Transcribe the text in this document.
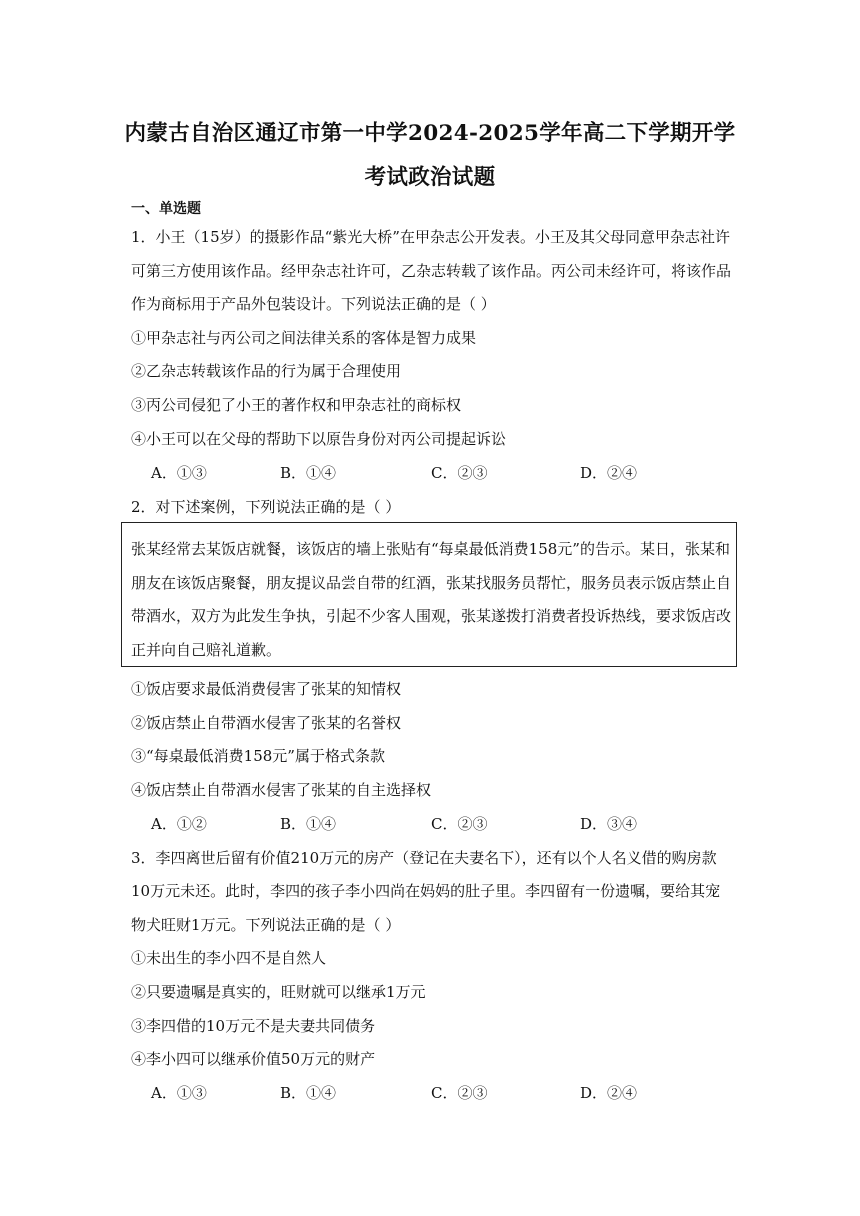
内蒙古自治区通辽市第一中学2024-2025学年高二下学期开学
考试政治试题
一、单选题
1．小王（15岁）的摄影作品“紫光大桥”在甲杂志公开发表。小王及其父母同意甲杂志社许
可第三方使用该作品。经甲杂志社许可，乙杂志转载了该作品。丙公司未经许可，将该作品
作为商标用于产品外包装设计。下列说法正确的是（ ）
①甲杂志社与丙公司之间法律关系的客体是智力成果
②乙杂志转载该作品的行为属于合理使用
③丙公司侵犯了小王的著作权和甲杂志社的商标权
④小王可以在父母的帮助下以原告身份对丙公司提起诉讼
A．①③	B．①④	C．②③	D．②④
2．对下述案例，下列说法正确的是（ ）
张某经常去某饭店就餐，该饭店的墙上张贴有“每桌最低消费158元”的告示。某日，张某和
朋友在该饭店聚餐，朋友提议品尝自带的红酒，张某找服务员帮忙，服务员表示饭店禁止自
带酒水，双方为此发生争执，引起不少客人围观，张某遂拨打消费者投诉热线，要求饭店改
正并向自己赔礼道歉。
①饭店要求最低消费侵害了张某的知情权
②饭店禁止自带酒水侵害了张某的名誉权
③“每桌最低消费158元”属于格式条款
④饭店禁止自带酒水侵害了张某的自主选择权
A．①②	B．①④	C．②③	D．③④
3．李四离世后留有价值210万元的房产（登记在夫妻名下），还有以个人名义借的购房款
10万元未还。此时，李四的孩子李小四尚在妈妈的肚子里。李四留有一份遗嘱，要给其宠
物犬旺财1万元。下列说法正确的是（ ）
①未出生的李小四不是自然人
②只要遗嘱是真实的，旺财就可以继承1万元
③李四借的10万元不是夫妻共同债务
④李小四可以继承价值50万元的财产
A．①③	B．①④	C．②③	D．②④
